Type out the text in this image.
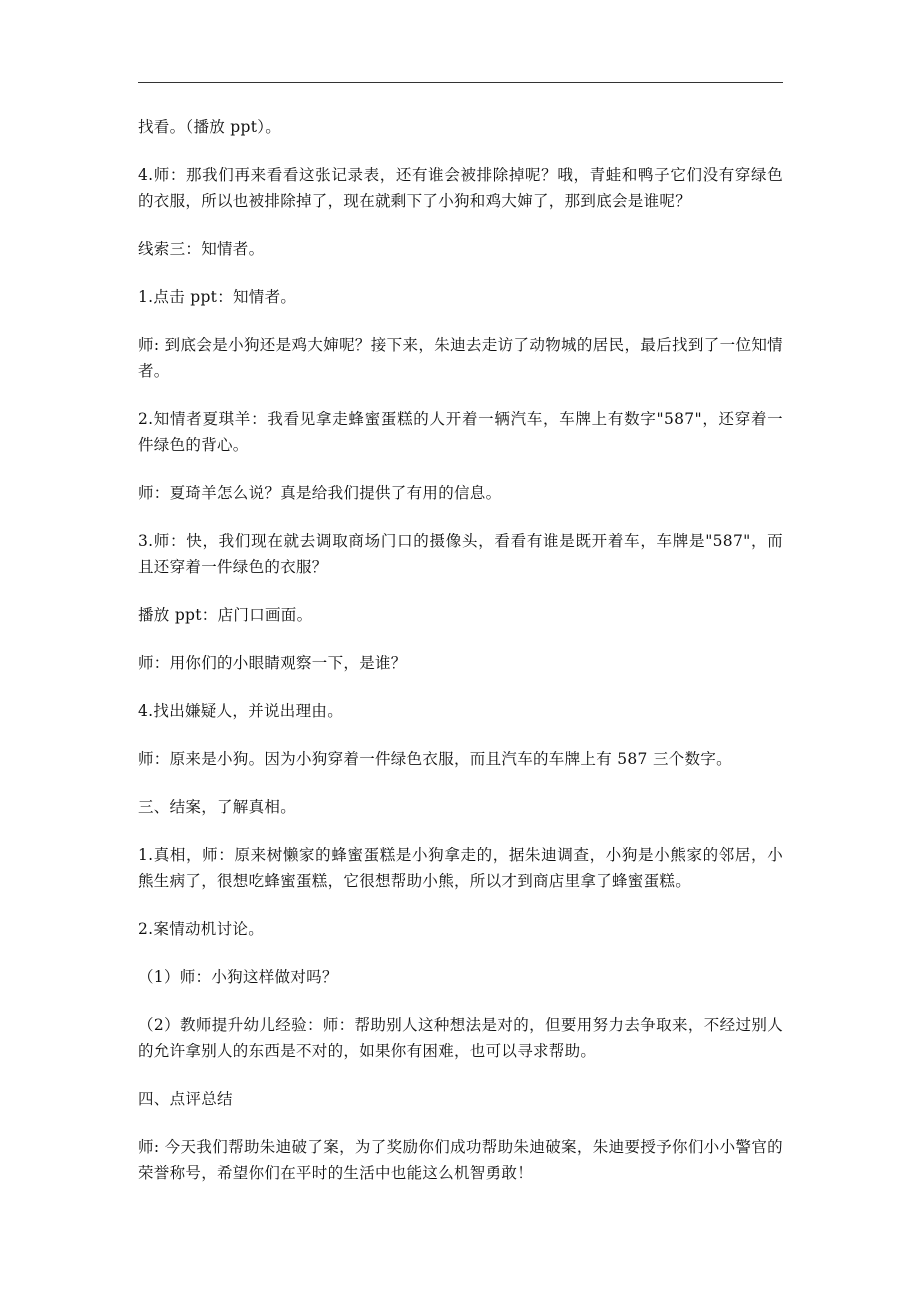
找看。（播放 ppt）。

4.师：那我们再来看看这张记录表，还有谁会被排除掉呢？哦，青蛙和鸭子它们没有穿绿色的衣服，所以也被排除掉了，现在就剩下了小狗和鸡大婶了，那到底会是谁呢？

线索三：知情者。

1.点击 ppt：知情者。

师: 到底会是小狗还是鸡大婶呢？接下来，朱迪去走访了动物城的居民，最后找到了一位知情者。

2.知情者夏琪羊：我看见拿走蜂蜜蛋糕的人开着一辆汽车，车牌上有数字"587"，还穿着一件绿色的背心。

师：夏琦羊怎么说？真是给我们提供了有用的信息。

3.师：快，我们现在就去调取商场门口的摄像头，看看有谁是既开着车，车牌是"587"，而且还穿着一件绿色的衣服？

播放 ppt：店门口画面。

师：用你们的小眼睛观察一下，是谁？

4.找出嫌疑人，并说出理由。

师：原来是小狗。因为小狗穿着一件绿色衣服，而且汽车的车牌上有 587 三个数字。

三、结案，了解真相。

1.真相，师：原来树懒家的蜂蜜蛋糕是小狗拿走的，据朱迪调查，小狗是小熊家的邻居，小熊生病了，很想吃蜂蜜蛋糕，它很想帮助小熊，所以才到商店里拿了蜂蜜蛋糕。

2.案情动机讨论。

（1）师：小狗这样做对吗？

（2）教师提升幼儿经验：师：帮助别人这种想法是对的，但要用努力去争取来，不经过别人的允许拿别人的东西是不对的，如果你有困难，也可以寻求帮助。

四、点评总结

师: 今天我们帮助朱迪破了案，为了奖励你们成功帮助朱迪破案，朱迪要授予你们小小警官的荣誉称号，希望你们在平时的生活中也能这么机智勇敢！
